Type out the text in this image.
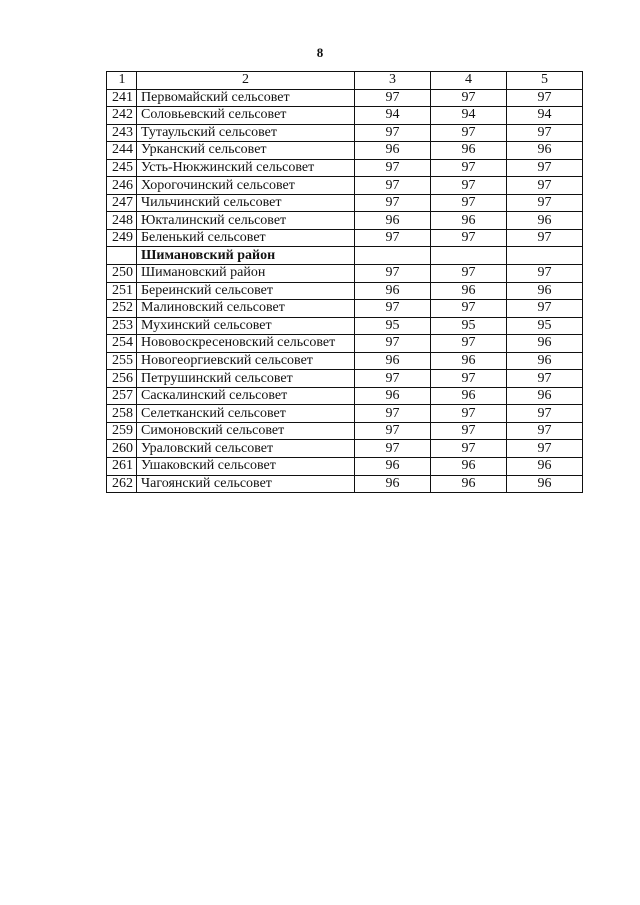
8
1	2	3	4	5
241	Первомайский сельсовет	97	97	97
242	Соловьевский сельсовет	94	94	94
243	Тутаульский сельсовет	97	97	97
244	Урканский сельсовет	96	96	96
245	Усть-Нюкжинский сельсовет	97	97	97
246	Хорогочинский сельсовет	97	97	97
247	Чильчинский сельсовет	97	97	97
248	Юкталинский сельсовет	96	96	96
249	Беленький сельсовет	97	97	97
	Шимановский район			
250	Шимановский район	97	97	97
251	Береинский сельсовет	96	96	96
252	Малиновский сельсовет	97	97	97
253	Мухинский сельсовет	95	95	95
254	Нововоскресеновский сельсовет	97	97	96
255	Новогеоргиевский сельсовет	96	96	96
256	Петрушинский сельсовет	97	97	97
257	Саскалинский сельсовет	96	96	96
258	Селетканский сельсовет	97	97	97
259	Симоновский сельсовет	97	97	97
260	Ураловский сельсовет	97	97	97
261	Ушаковский сельсовет	96	96	96
262	Чагоянский сельсовет	96	96	96
